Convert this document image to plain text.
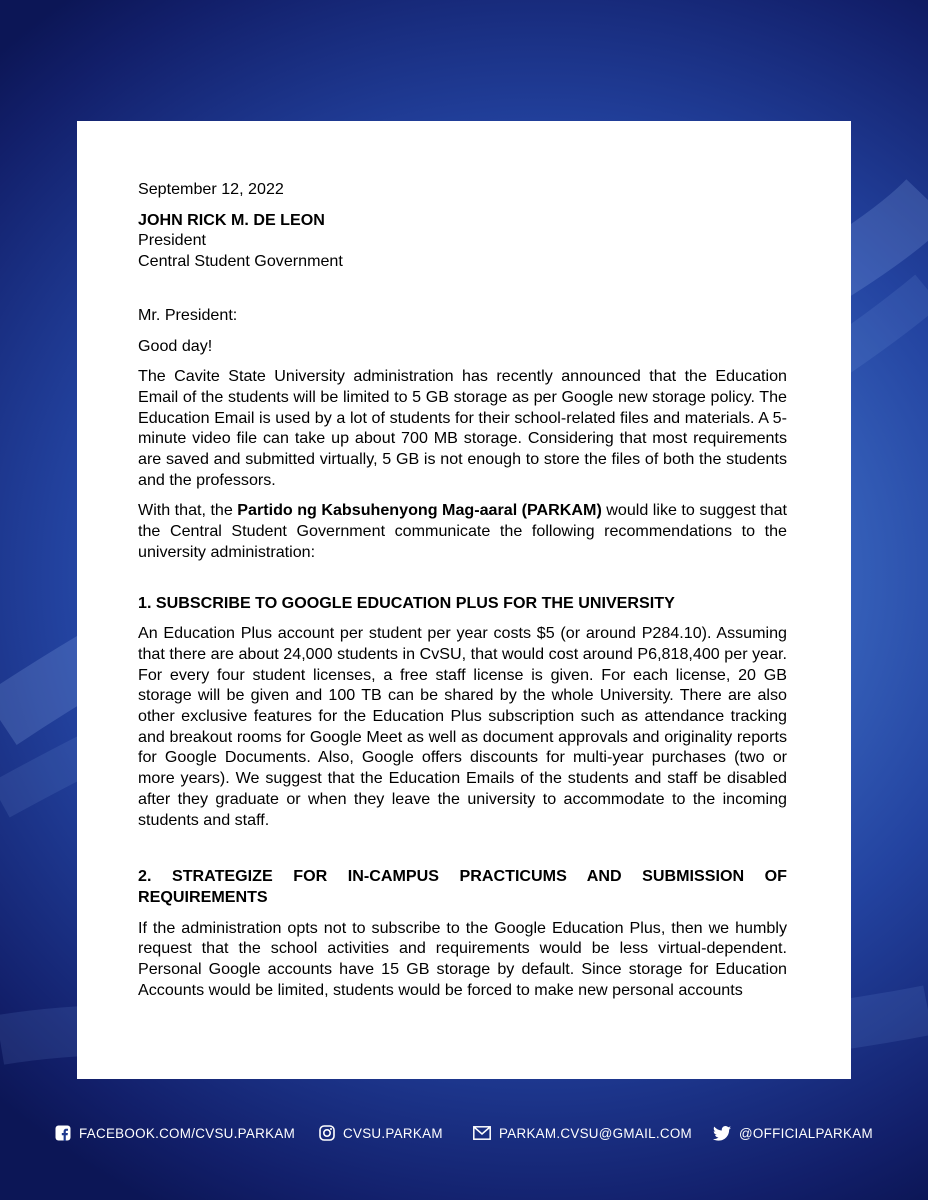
September 12, 2022

JOHN RICK M. DE LEON

President

Central Student Government

Mr. President:

Good day!

The Cavite State University administration has recently announced that the Education Email of the students will be limited to 5 GB storage as per Google new storage policy. The Education Email is used by a lot of students for their school-related files and materials. A 5-minute video file can take up about 700 MB storage. Considering that most requirements are saved and submitted virtually, 5 GB is not enough to store the files of both the students and the professors.

With that, the Partido ng Kabsuhenyong Mag-aaral (PARKAM) would like to suggest that the Central Student Government communicate the following recommendations to the university administration:

1. SUBSCRIBE TO GOOGLE EDUCATION PLUS FOR THE UNIVERSITY

An Education Plus account per student per year costs $5 (or around P284.10). Assuming that there are about 24,000 students in CvSU, that would cost around P6,818,400 per year. For every four student licenses, a free staff license is given. For each license, 20 GB storage will be given and 100 TB can be shared by the whole University. There are also other exclusive features for the Education Plus subscription such as attendance tracking and breakout rooms for Google Meet as well as document approvals and originality reports for Google Documents. Also, Google offers discounts for multi-year purchases (two or more years). We suggest that the Education Emails of the students and staff be disabled after they graduate or when they leave the university to accommodate to the incoming students and staff.

2. STRATEGIZE FOR IN-CAMPUS PRACTICUMS AND SUBMISSION OF REQUIREMENTS

If the administration opts not to subscribe to the Google Education Plus, then we humbly request that the school activities and requirements would be less virtual-dependent. Personal Google accounts have 15 GB storage by default. Since storage for Education Accounts would be limited, students would be forced to make new personal accounts

FACEBOOK.COM/CVSU.PARKAM	CVSU.PARKAM	PARKAM.CVSU@GMAIL.COM	@OFFICIALPARKAM
